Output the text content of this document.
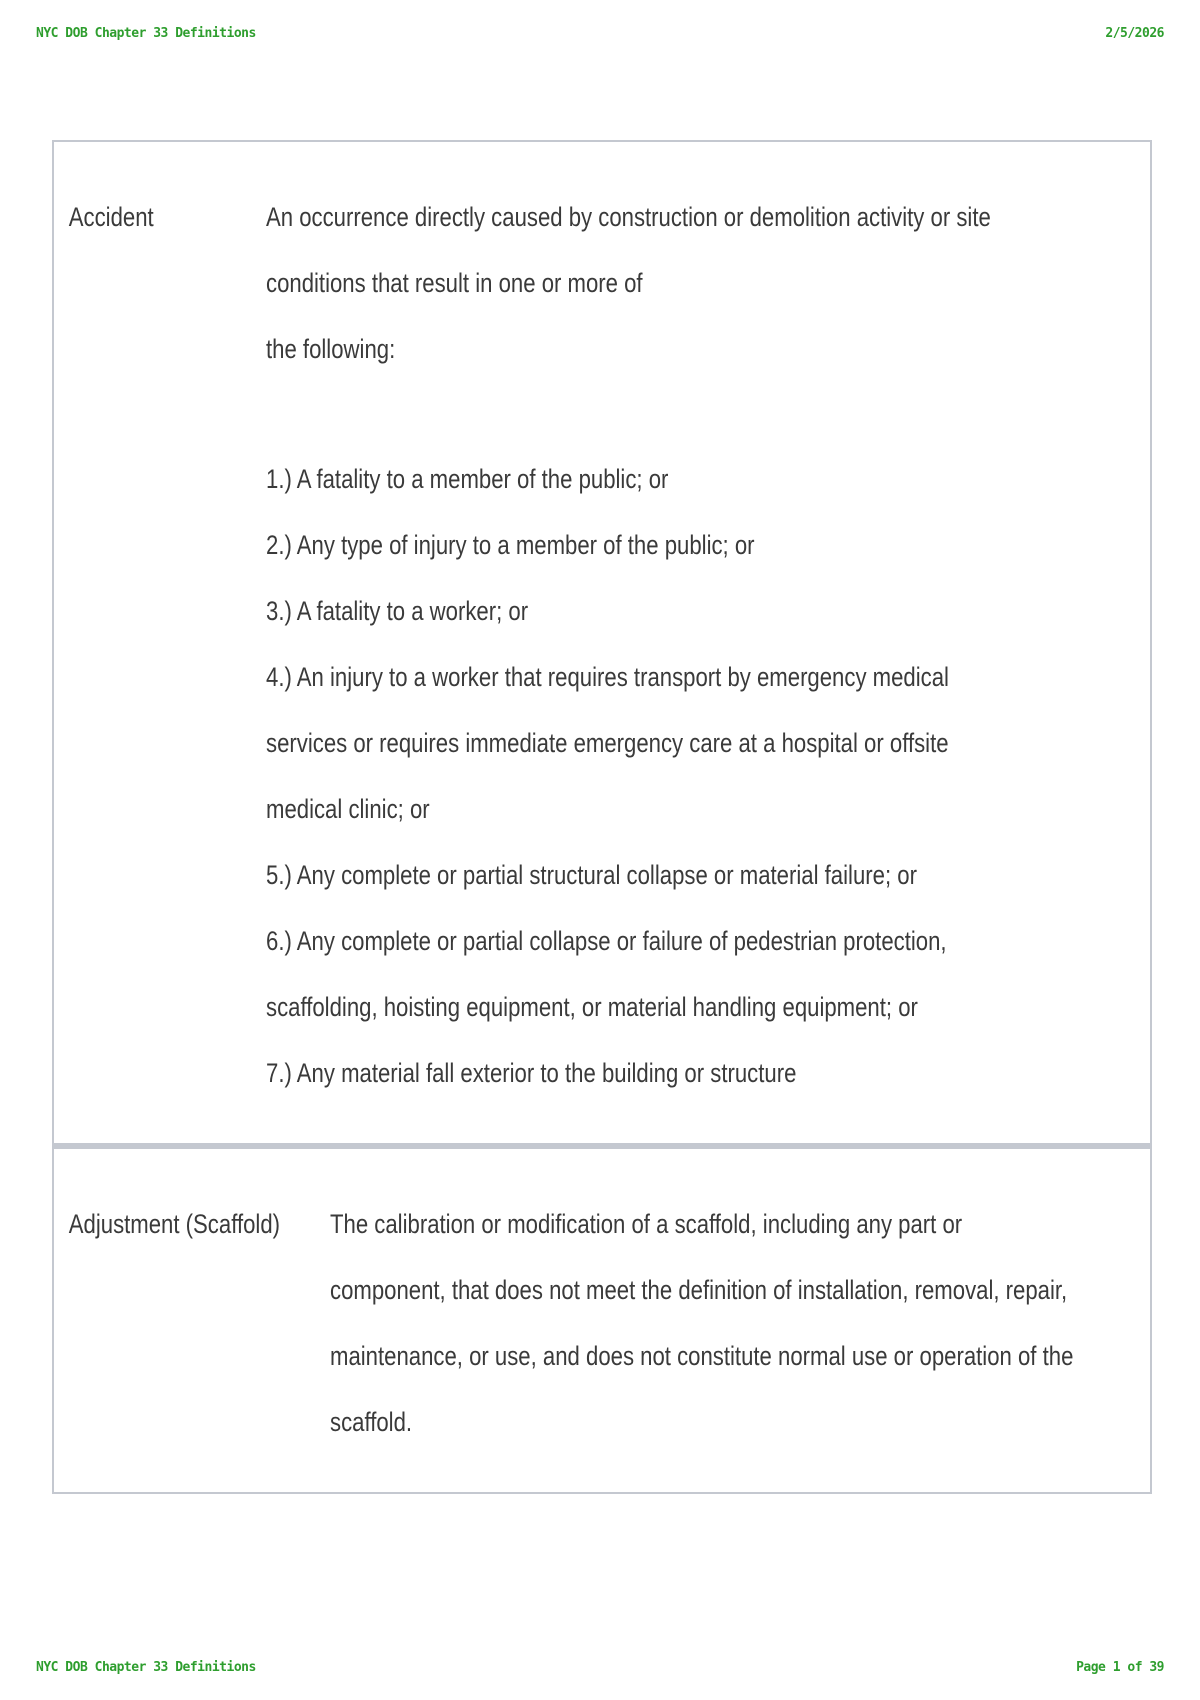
NYC DOB Chapter 33 Definitions	2/5/2026
Accident	An occurrence directly caused by construction or demolition activity or site
conditions that result in one or more of
the following:
1.) A fatality to a member of the public; or
2.) Any type of injury to a member of the public; or
3.) A fatality to a worker; or
4.) An injury to a worker that requires transport by emergency medical
services or requires immediate emergency care at a hospital or offsite
medical clinic; or
5.) Any complete or partial structural collapse or material failure; or
6.) Any complete or partial collapse or failure of pedestrian protection,
scaffolding, hoisting equipment, or material handling equipment; or
7.) Any material fall exterior to the building or structure
Adjustment (Scaffold) The calibration or modification of a scaffold, including any part or
component, that does not meet the definition of installation, removal, repair,
maintenance, or use, and does not constitute normal use or operation of the
scaffold.
NYC DOB Chapter 33 Definitions	Page 1 of 39
